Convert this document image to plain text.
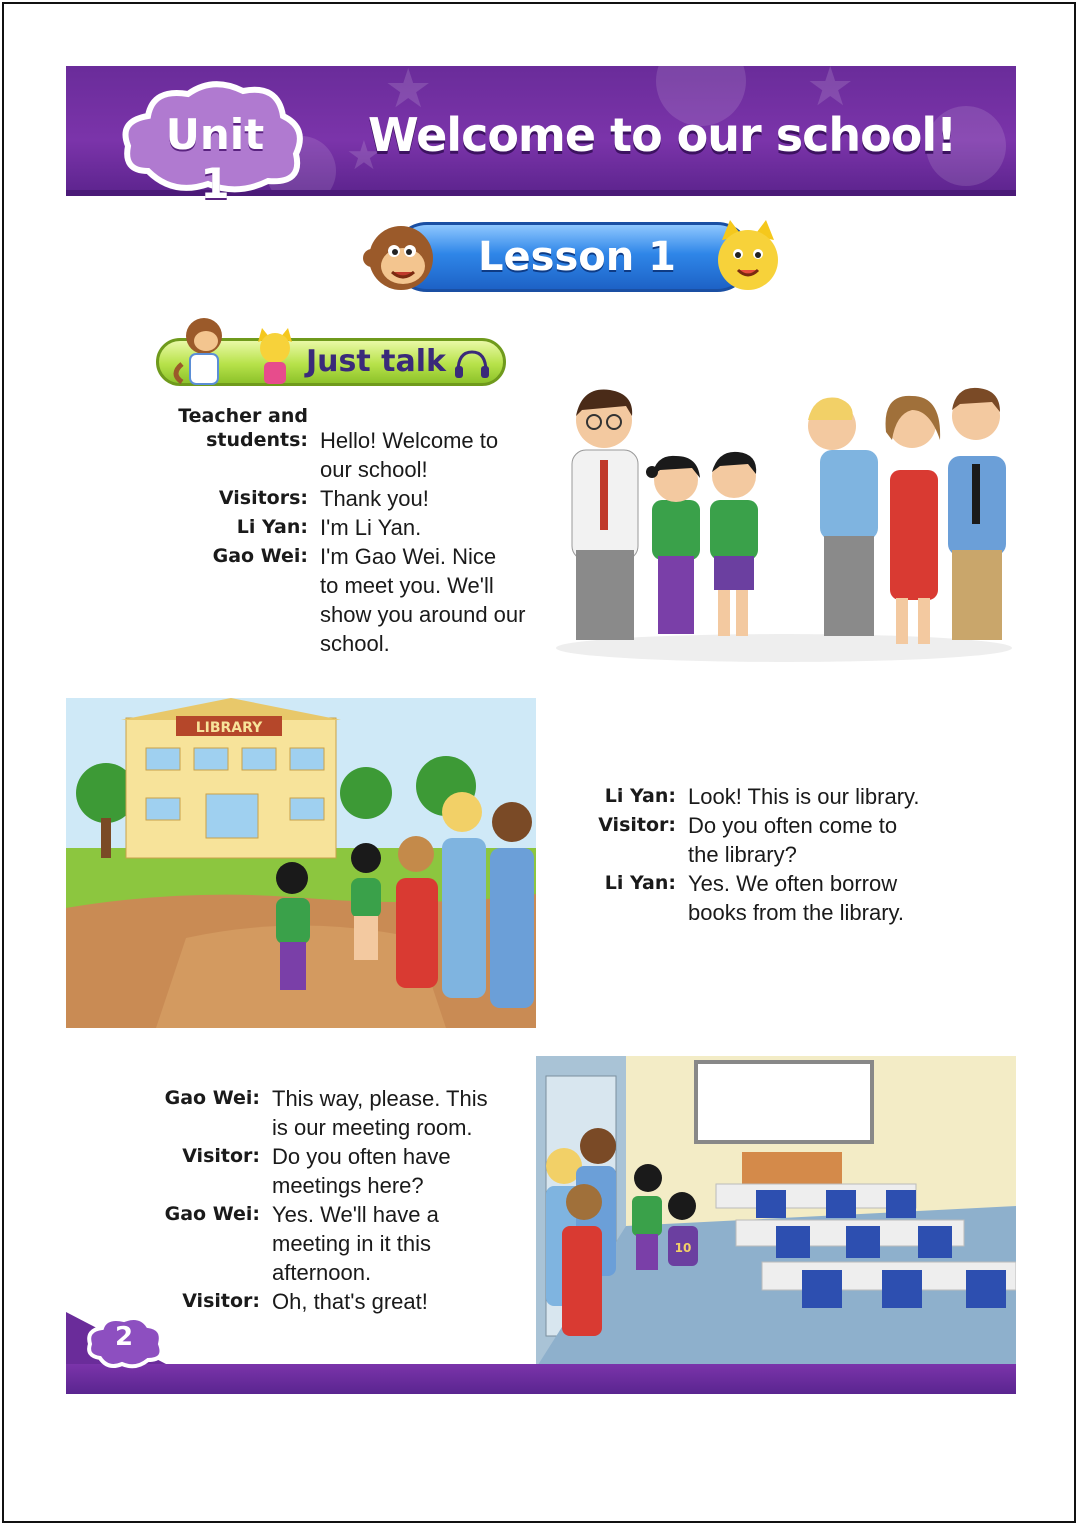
★	★
★
Unit 1
Welcome to our school!
Lesson 1
Just talk
Teacher and students: Hello! Welcome to
our school!
Visitors: Thank you!
Li Yan: I'm Li Yan.
Gao Wei: I'm Gao Wei. Nice
to meet you. We'll
show you around our
school.
LIBRARY
Li Yan: Look! This is our library.
Visitor: Do you often come to
the library?
Li Yan: Yes. We often borrow
books from the library.
Gao Wei: This way, please. This
is our meeting room.
Visitor: Do you often have
meetings here?
Gao Wei: Yes. We'll have a
meeting in it this
afternoon.
Visitor: Oh, that's great!
10
2
